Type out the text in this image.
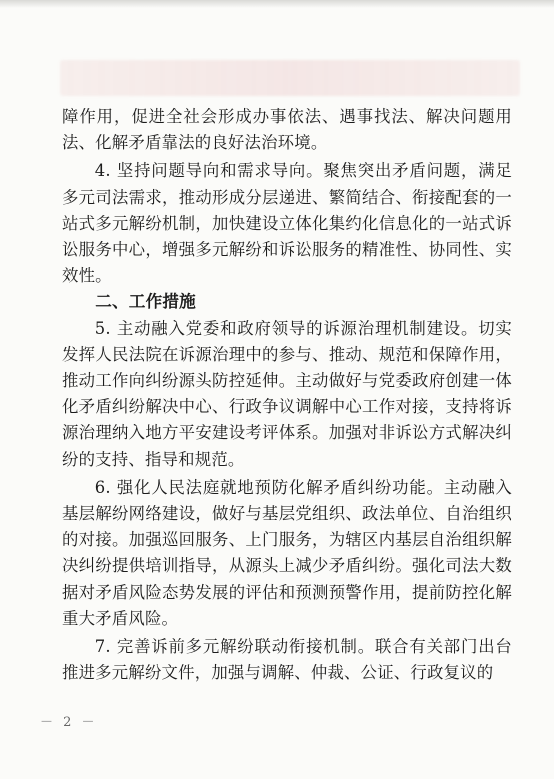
障作用，促进全社会形成办事依法、遇事找法、解决问题用法、化解矛盾靠法的良好法治环境。

4. 坚持问题导向和需求导向。聚焦突出矛盾问题，满足多元司法需求，推动形成分层递进、繁简结合、衔接配套的一站式多元解纷机制，加快建设立体化集约化信息化的一站式诉讼服务中心，增强多元解纷和诉讼服务的精准性、协同性、实效性。

二、工作措施

5. 主动融入党委和政府领导的诉源治理机制建设。切实发挥人民法院在诉源治理中的参与、推动、规范和保障作用，推动工作向纠纷源头防控延伸。主动做好与党委政府创建一体化矛盾纠纷解决中心、行政争议调解中心工作对接，支持将诉源治理纳入地方平安建设考评体系。加强对非诉讼方式解决纠纷的支持、指导和规范。

6. 强化人民法庭就地预防化解矛盾纠纷功能。主动融入基层解纷网络建设，做好与基层党组织、政法单位、自治组织的对接。加强巡回服务、上门服务，为辖区内基层自治组织解决纠纷提供培训指导，从源头上减少矛盾纠纷。强化司法大数据对矛盾风险态势发展的评估和预测预警作用，提前防控化解重大矛盾风险。

7. 完善诉前多元解纷联动衔接机制。联合有关部门出台推进多元解纷文件，加强与调解、仲裁、公证、行政复议的

－ 2 －
